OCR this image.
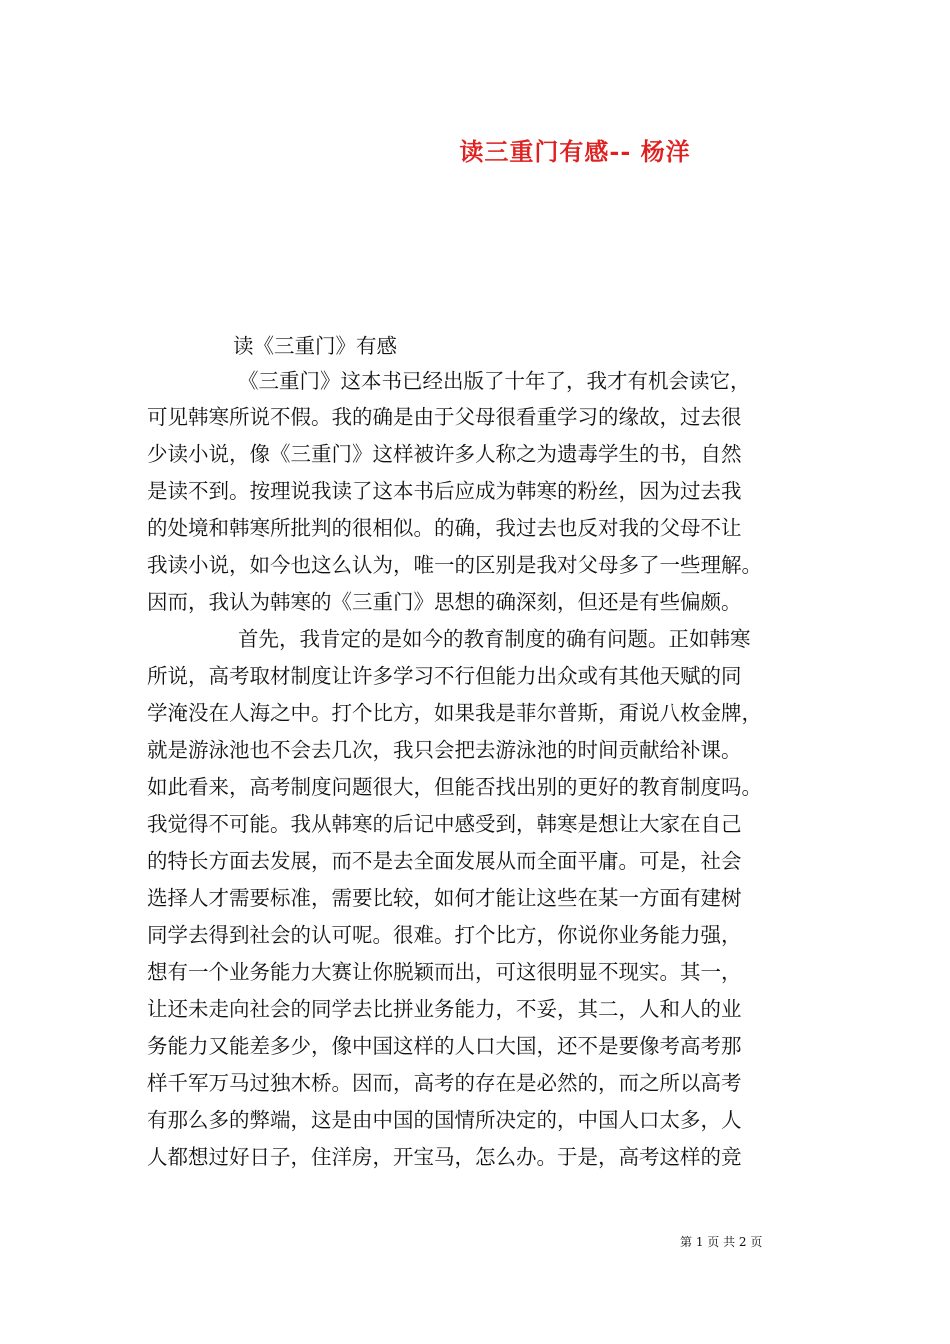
读三重门有感-- 杨洋
读《三重门》有感
《三重门》这本书已经出版了十年了，我才有机会读它，
可见韩寒所说不假。我的确是由于父母很看重学习的缘故，过去很
少读小说，像《三重门》这样被许多人称之为遗毒学生的书，自然
是读不到。按理说我读了这本书后应成为韩寒的粉丝，因为过去我
的处境和韩寒所批判的很相似。的确，我过去也反对我的父母不让
我读小说，如今也这么认为，唯一的区别是我对父母多了一些理解。
因而，我认为韩寒的《三重门》思想的确深刻，但还是有些偏颇。
首先，我肯定的是如今的教育制度的确有问题。正如韩寒
所说，高考取材制度让许多学习不行但能力出众或有其他天赋的同
学淹没在人海之中。打个比方，如果我是菲尔普斯，甭说八枚金牌，
就是游泳池也不会去几次，我只会把去游泳池的时间贡献给补课。
如此看来，高考制度问题很大，但能否找出别的更好的教育制度吗。
我觉得不可能。我从韩寒的后记中感受到，韩寒是想让大家在自己
的特长方面去发展，而不是去全面发展从而全面平庸。可是，社会
选择人才需要标准，需要比较，如何才能让这些在某一方面有建树
同学去得到社会的认可呢。很难。打个比方，你说你业务能力强，
想有一个业务能力大赛让你脱颖而出，可这很明显不现实。其一，
让还未走向社会的同学去比拼业务能力，不妥，其二，人和人的业
务能力又能差多少，像中国这样的人口大国，还不是要像考高考那
样千军万马过独木桥。因而，高考的存在是必然的，而之所以高考
有那么多的弊端，这是由中国的国情所决定的，中国人口太多，人
人都想过好日子，住洋房，开宝马，怎么办。于是，高考这样的竞
第 1 页 共 2 页
